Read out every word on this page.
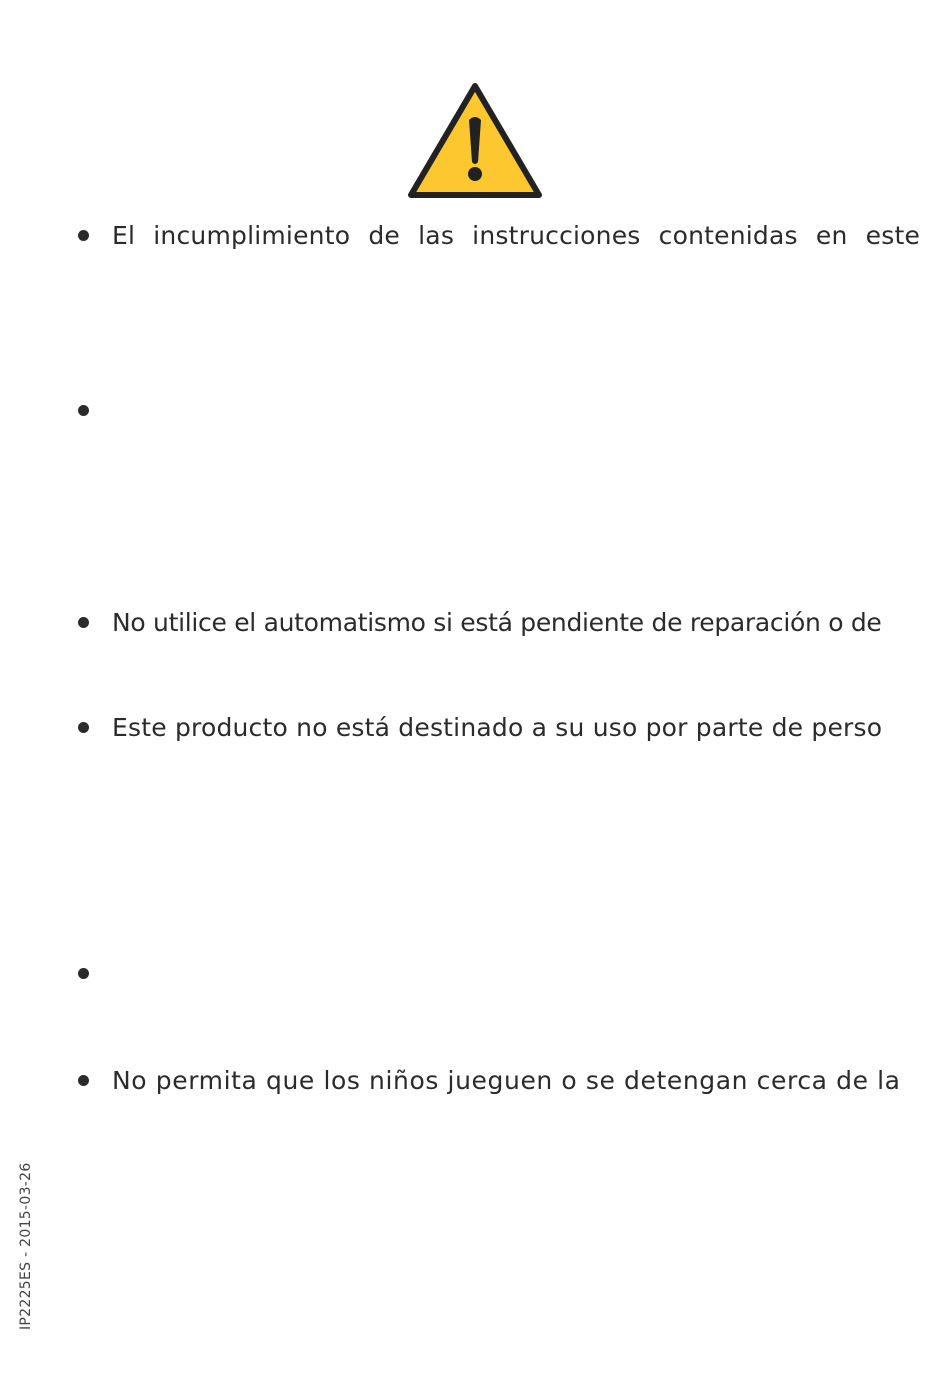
El incumplimiento de las instrucciones contenidas en este
No utilice el automatismo si está pendiente de reparación o de
Este producto no está destinado a su uso por parte de perso
No permita que los niños jueguen o se detengan cerca de la
IP2225ES - 2015-03-26
